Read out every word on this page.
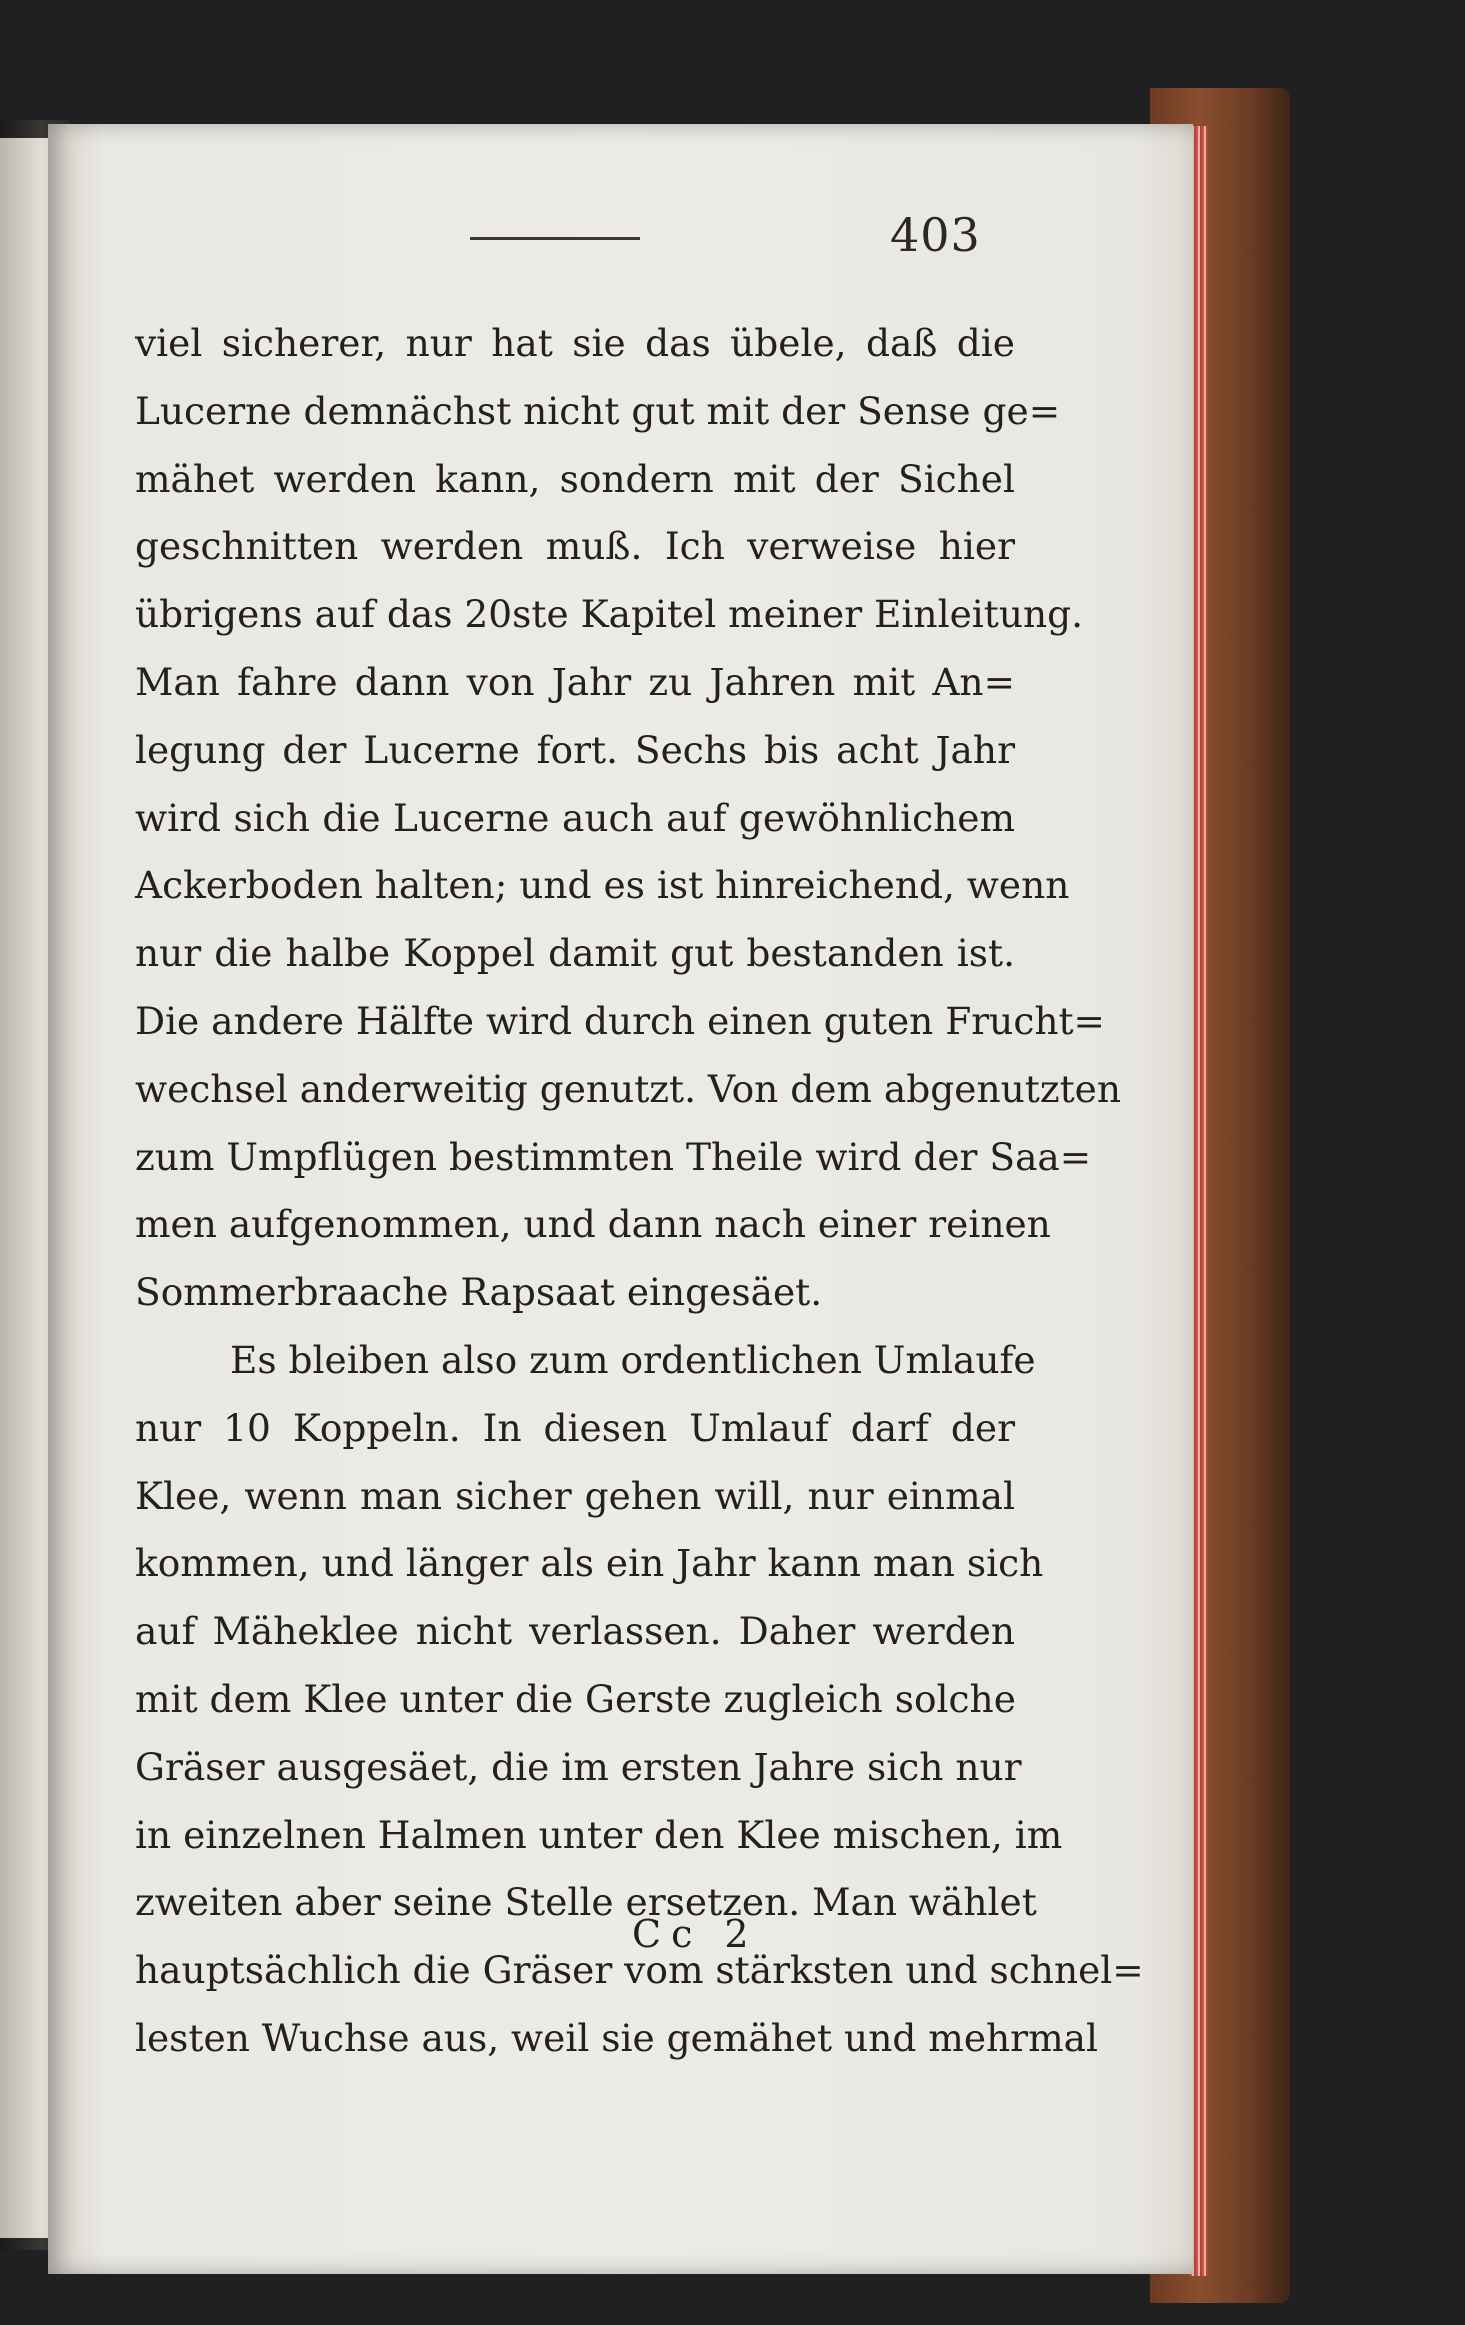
403
viel sicherer, nur hat sie das übele, daß die
Lucerne demnächst nicht gut mit der Sense ge=
mähet werden kann, sondern mit der Sichel
geschnitten werden muß. Ich verweise hier
übrigens auf das 20ste Kapitel meiner Einleitung.
Man fahre dann von Jahr zu Jahren mit An=
legung der Lucerne fort. Sechs bis acht Jahr
wird sich die Lucerne auch auf gewöhnlichem
Ackerboden halten; und es ist hinreichend, wenn
nur die halbe Koppel damit gut bestanden ist.
Die andere Hälfte wird durch einen guten Frucht=
wechsel anderweitig genutzt. Von dem abgenutzten
zum Umpflügen bestimmten Theile wird der Saa=
men aufgenommen, und dann nach einer reinen
Sommerbraache Rapsaat eingesäet.
Es bleiben also zum ordentlichen Umlaufe
nur 10 Koppeln. In diesen Umlauf darf der
Klee, wenn man sicher gehen will, nur einmal
kommen, und länger als ein Jahr kann man sich
auf Mäheklee nicht verlassen. Daher werden
mit dem Klee unter die Gerste zugleich solche
Gräser ausgesäet, die im ersten Jahre sich nur
in einzelnen Halmen unter den Klee mischen, im
zweiten aber seine Stelle ersetzen. Man wählet
hauptsächlich die Gräser vom stärksten und schnel=
lesten Wuchse aus, weil sie gemähet und mehrmal
Cc 2
